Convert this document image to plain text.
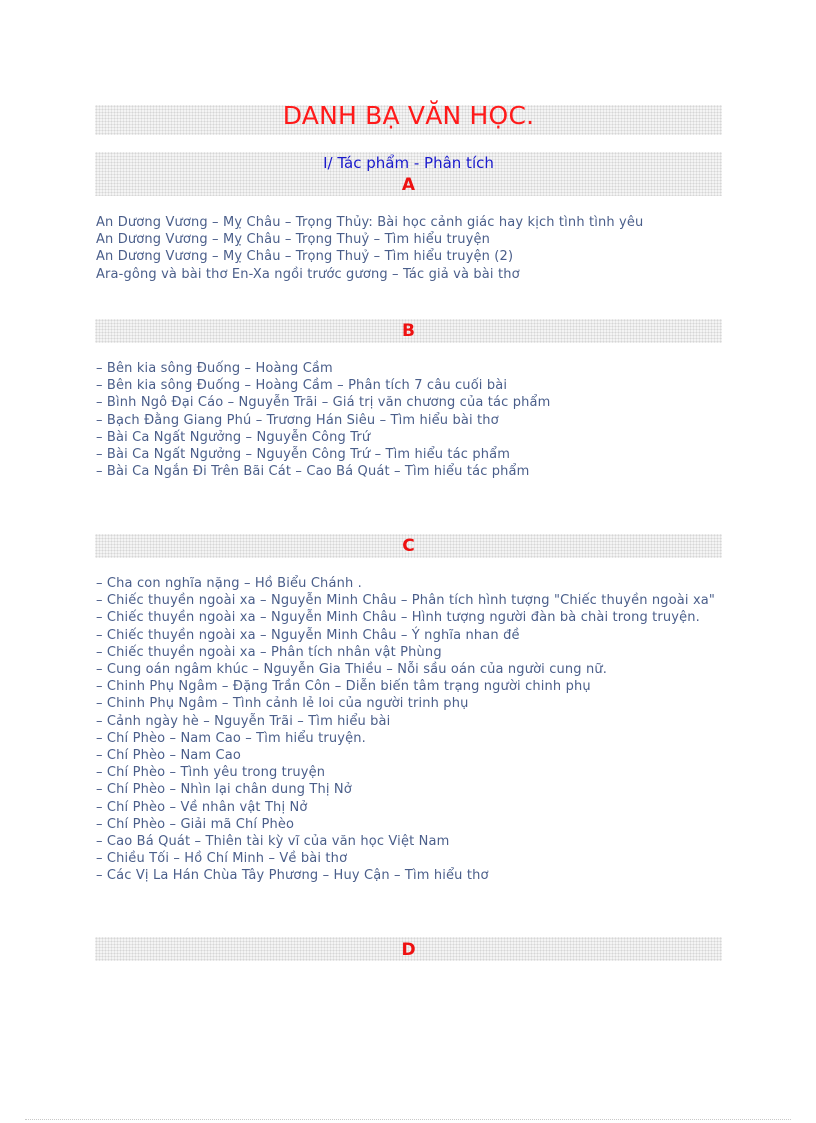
DANH BẠ VĂN HỌC.
I/ Tác phẩm - Phân tích
A
B
C
D
An Dương Vương – Mỵ Châu – Trọng Thủy: Bài học cảnh giác hay kịch tình tình yêu
An Dương Vương – Mỵ Châu – Trọng Thuỷ – Tìm hiểu truyện
An Dương Vương – Mỵ Châu – Trọng Thuỷ – Tìm hiểu truyện (2)
Ara-gông và bài thơ En-Xa ngồi trước gương – Tác giả và bài thơ
– Bên kia sông Đuống – Hoàng Cầm
– Bên kia sông Đuống – Hoàng Cầm – Phân tích 7 câu cuối bài
– Bình Ngô Đại Cáo – Nguyễn Trãi – Giá trị văn chương của tác phẩm
– Bạch Đằng Giang Phú – Trương Hán Siêu – Tìm hiểu bài thơ
– Bài Ca Ngất Ngưởng – Nguyễn Công Trứ
– Bài Ca Ngất Ngưởng – Nguyễn Công Trứ – Tìm hiểu tác phẩm
– Bài Ca Ngắn Đi Trên Bãi Cát – Cao Bá Quát – Tìm hiểu tác phẩm
– Cha con nghĩa nặng – Hồ Biểu Chánh .
– Chiếc thuyền ngoài xa – Nguyễn Minh Châu – Phân tích hình tượng "Chiếc thuyền ngoài xa"
– Chiếc thuyền ngoài xa – Nguyễn Minh Châu – Hình tượng người đàn bà chài trong truyện.
– Chiếc thuyền ngoài xa – Nguyễn Minh Châu – Ý nghĩa nhan đề
– Chiếc thuyền ngoài xa – Phân tích nhân vật Phùng
– Cung oán ngâm khúc – Nguyễn Gia Thiều – Nỗi sầu oán của người cung nữ.
– Chinh Phụ Ngâm – Đặng Trần Côn – Diễn biến tâm trạng người chinh phụ
– Chinh Phụ Ngâm – Tình cảnh lẻ loi của người trinh phụ
– Cảnh ngày hè – Nguyễn Trãi – Tìm hiểu bài
– Chí Phèo – Nam Cao – Tìm hiểu truyện.
– Chí Phèo – Nam Cao
– Chí Phèo – Tình yêu trong truyện
– Chí Phèo – Nhìn lại chân dung Thị Nở
– Chí Phèo – Về nhân vật Thị Nở
– Chí Phèo – Giải mã Chí Phèo
– Cao Bá Quát – Thiên tài kỳ vĩ của văn học Việt Nam
– Chiều Tối – Hồ Chí Minh – Về bài thơ
– Các Vị La Hán Chùa Tây Phương – Huy Cận – Tìm hiểu thơ
